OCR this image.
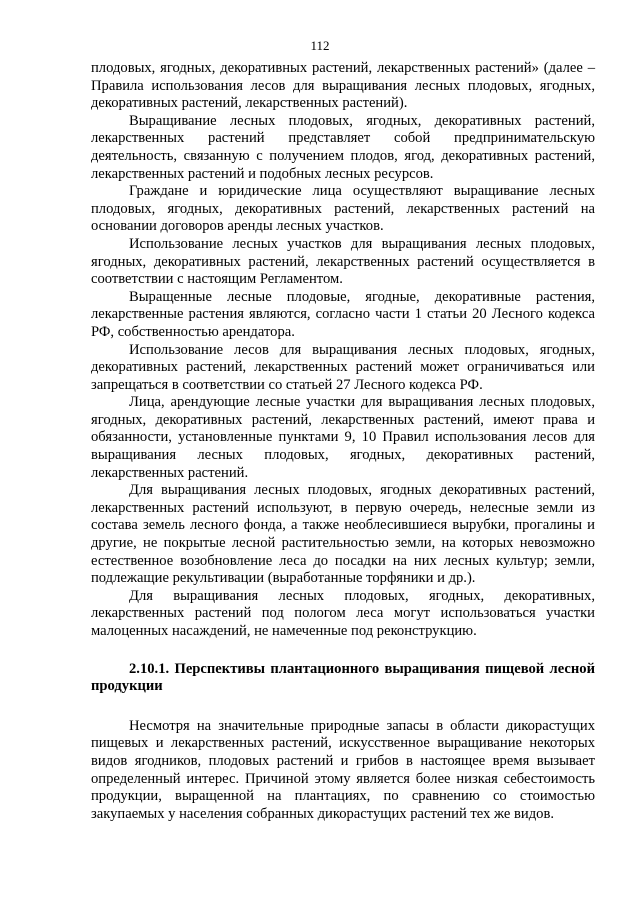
112

плодовых, ягодных, декоративных растений, лекарственных растений» (далее – Правила использования лесов для выращивания лесных плодовых, ягодных, декоративных растений, лекарственных растений).

Выращивание лесных плодовых, ягодных, декоративных растений, лекарственных растений представляет собой предпринимательскую деятельность, связанную с получением плодов, ягод, декоративных растений, лекарственных растений и подобных лесных ресурсов.

Граждане и юридические лица осуществляют выращивание лесных плодовых, ягодных, декоративных растений, лекарственных растений на основании договоров аренды лесных участков.

Использование лесных участков для выращивания лесных плодовых, ягодных, декоративных растений, лекарственных растений осуществляется в соответствии с настоящим Регламентом.

Выращенные лесные плодовые, ягодные, декоративные растения, лекарственные растения являются, согласно части 1 статьи 20 Лесного кодекса РФ, собственностью арендатора.

Использование лесов для выращивания лесных плодовых, ягодных, декоративных растений, лекарственных растений может ограничиваться или запрещаться в соответствии со статьей 27 Лесного кодекса РФ.

Лица, арендующие лесные участки для выращивания лесных плодовых, ягодных, декоративных растений, лекарственных растений, имеют права и обязанности, установленные пунктами 9, 10 Правил использования лесов для выращивания лесных плодовых, ягодных, декоративных растений, лекарственных растений.

Для выращивания лесных плодовых, ягодных декоративных растений, лекарственных растений используют, в первую очередь, нелесные земли из состава земель лесного фонда, а также необлесившиеся вырубки, прогалины и другие, не покрытые лесной растительностью земли, на которых невозможно естественное возобновление леса до посадки на них лесных культур; земли, подлежащие рекультивации (выработанные торфяники и др.).

Для выращивания лесных плодовых, ягодных, декоративных, лекарственных растений под пологом леса могут использоваться участки малоценных насаждений, не намеченные под реконструкцию.

2.10.1. Перспективы плантационного выращивания пищевой лесной продукции

Несмотря на значительные природные запасы в области дикорастущих пищевых и лекарственных растений, искусственное выращивание некоторых видов ягодников, плодовых растений и грибов в настоящее время вызывает определенный интерес. Причиной этому является более низкая себестоимость продукции, выращенной на плантациях, по сравнению со стоимостью закупаемых у населения собранных дикорастущих растений тех же видов.
